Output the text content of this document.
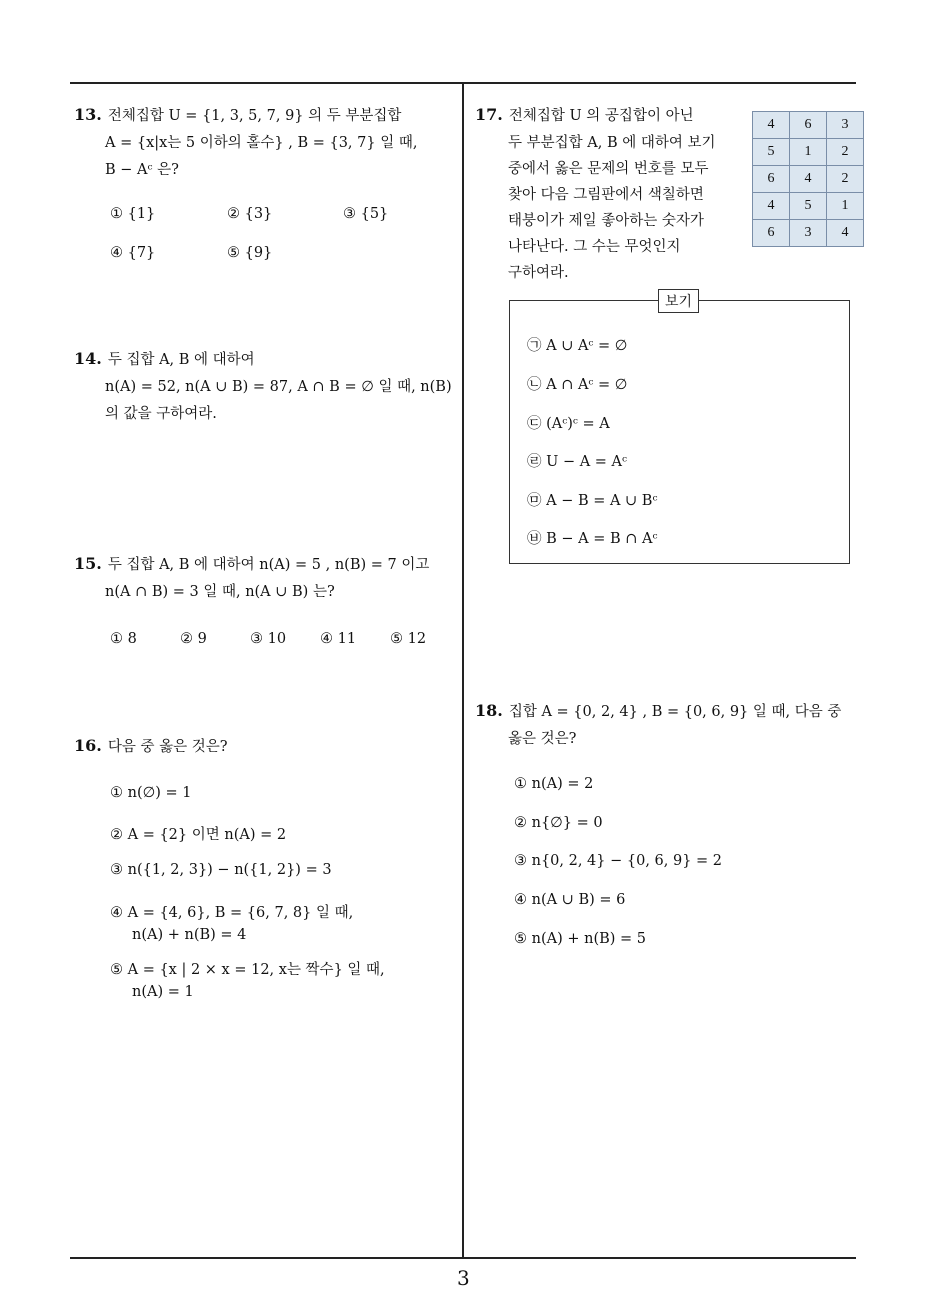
13. 전체집합 U = {1, 3, 5, 7, 9} 의 두 부분집합
A = {x|x는 5 이하의 홀수} , B = {3, 7} 일 때,
B − Aᶜ 은?
① {1}	② {3}	③ {5}
④ {7}	⑤ {9}
14. 두 집합 A, B 에 대하여
n(A) = 52, n(A ∪ B) = 87, A ∩ B = ∅ 일 때, n(B)
의 값을 구하여라.
15. 두 집합 A, B 에 대하여 n(A) = 5 , n(B) = 7 이고
n(A ∩ B) = 3 일 때, n(A ∪ B) 는?
① 8	② 9	③ 10 ④ 11 ⑤ 12
16. 다음 중 옳은 것은?
① n(∅) = 1
② A = {2} 이면 n(A) = 2
③ n({1, 2, 3}) − n({1, 2}) = 3
④ A = {4, 6}, B = {6, 7, 8} 일 때,
n(A) + n(B) = 4
⑤ A = {x | 2 × x = 12, x는 짝수} 일 때,
n(A) = 1
17. 전체집합 U 의 공집합이 아닌
두 부분집합 A, B 에 대하여 보기
중에서 옳은 문제의 번호를 모두
찾아 다음 그림판에서 색칠하면
태붕이가 제일 좋아하는 숫자가
나타난다. 그 수는 무엇인지
구하여라.
4	6	3
5	1	2
6	4	2
4	5	1
6	3	4
보기
㉠ A ∪ Aᶜ = ∅
㉡ A ∩ Aᶜ = ∅
㉢ (Aᶜ)ᶜ = A
㉣ U − A = Aᶜ
㉤ A − B = A ∪ Bᶜ
㉥ B − A = B ∩ Aᶜ
18. 집합 A = {0, 2, 4} , B = {0, 6, 9} 일 때, 다음 중
옳은 것은?
① n(A) = 2
② n{∅} = 0
③ n{0, 2, 4} − {0, 6, 9} = 2
④ n(A ∪ B) = 6
⑤ n(A) + n(B) = 5
3
